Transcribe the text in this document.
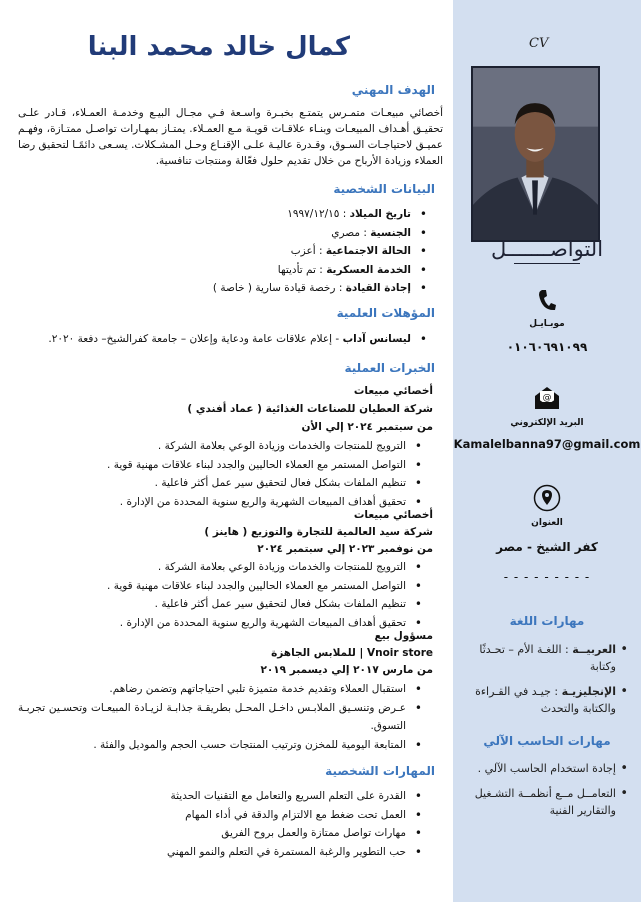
CV
التواصـــــــل
موبـايـل
٠١٠٦٠٦٩١٠٩٩
@
البريد الإلكتروني
Kamalelbanna97@gmail.com
العنوان
كفر الشيخ - مصر
- - - - - - - - -
مهارات اللغة
• العربيــة : اللغـة الأم – تحـدثًا وكتابة
• الإنجليزيـة : جيـد في القـراءة والكتابة والتحدث
مهارات الحاسب الآلي
• إجادة استخدام الحاسب الآلي .
• التعامــل مــع أنظمــة التشـغيل والتقارير الفنية
كمال خالد محمد البنا
الهدف المهني
أخصائي مبيعـات متمـرس يتمتـع بخبـرة واسـعة فـي مجـال البيـع وخدمـة العمـلاء، قـادر علـى تحقيـق أهـداف المبيعـات وبنـاء علاقـات قويـة مـع العمـلاء. يمتـاز بمهـارات تواصـل ممتـازة، وفهـم عميـق لاحتياجـات السـوق، وقـدرة عاليـة علـى الإقنـاع وحـل المشـكلات. يسـعى دائمًـا لتحقيق رضا العملاء وزيادة الأرباح من خلال تقديم حلول فعّالة ومنتجات تنافسية.
البيانات الشخصية
• تاريخ الميلاد : ١٩٩٧/١٢/١٥
• الجنسية : مصري
• الحالة الاجتماعية : أعزب
• الخدمة العسكرية : تم تأديتها
• إجادة القيادة : رخصة قيادة سارية ( خاصة )
المؤهلات العلمية
• ليسانس آداب - إعلام علاقات عامة ودعاية وإعلان – جامعة كفرالشيخ– دفعة ٢٠٢٠.
الخبرات العملية
أخصائي مبيعات
شركة العطيان للصناعات الغذائية ( عماد أفندي )
من سبتمبر ٢٠٢٤ إلي الأن
• الترويج للمنتجات والخدمات وزيادة الوعي بعلامة الشركة .
• التواصل المستمر مع العملاء الحاليين والجدد لبناء علاقات مهنية قوية .
• تنظيم الملفات بشكل فعال لتحقيق سير عمل أكثر فاعلية .
• تحقيق أهداف المبيعات الشهرية والربع سنوية المحددة من الإدارة .
أخصائي مبيعات
شركة سيد العالمية للتجارة والتوزيع ( هاينز )
من نوفمبر ٢٠٢٣ إلي سبتمبر ٢٠٢٤
• الترويج للمنتجات والخدمات وزيادة الوعي بعلامة الشركة .
• التواصل المستمر مع العملاء الحاليين والجدد لبناء علاقات مهنية قوية .
• تنظيم الملفات بشكل فعال لتحقيق سير عمل أكثر فاعلية .
• تحقيق أهداف المبيعات الشهرية والربع سنوية المحددة من الإدارة .
مسؤول بيع
Vnoir store | للملابس الجاهزة
من مارس ٢٠١٧ إلي ديسمبر ٢٠١٩
• استقبال العملاء وتقديم خدمة متميزة تلبي احتياجاتهم وتضمن رضاهم.
• عـرض وتنسـيق الملابـس داخـل المحـل بطريقـة جذابـة لزيـادة المبيعـات وتحسـين تجربـة التسوق.
• المتابعة اليومية للمخزن وترتيب المنتجات حسب الحجم والموديل والفئة .
المهارات الشخصية
• القدرة على التعلم السريع والتعامل مع التقنيات الحديثة
• العمل تحت ضغط مع الالتزام والدقة في أداء المهام
• مهارات تواصل ممتازة والعمل بروح الفريق
• حب التطوير والرغبة المستمرة في التعلم والنمو المهني
